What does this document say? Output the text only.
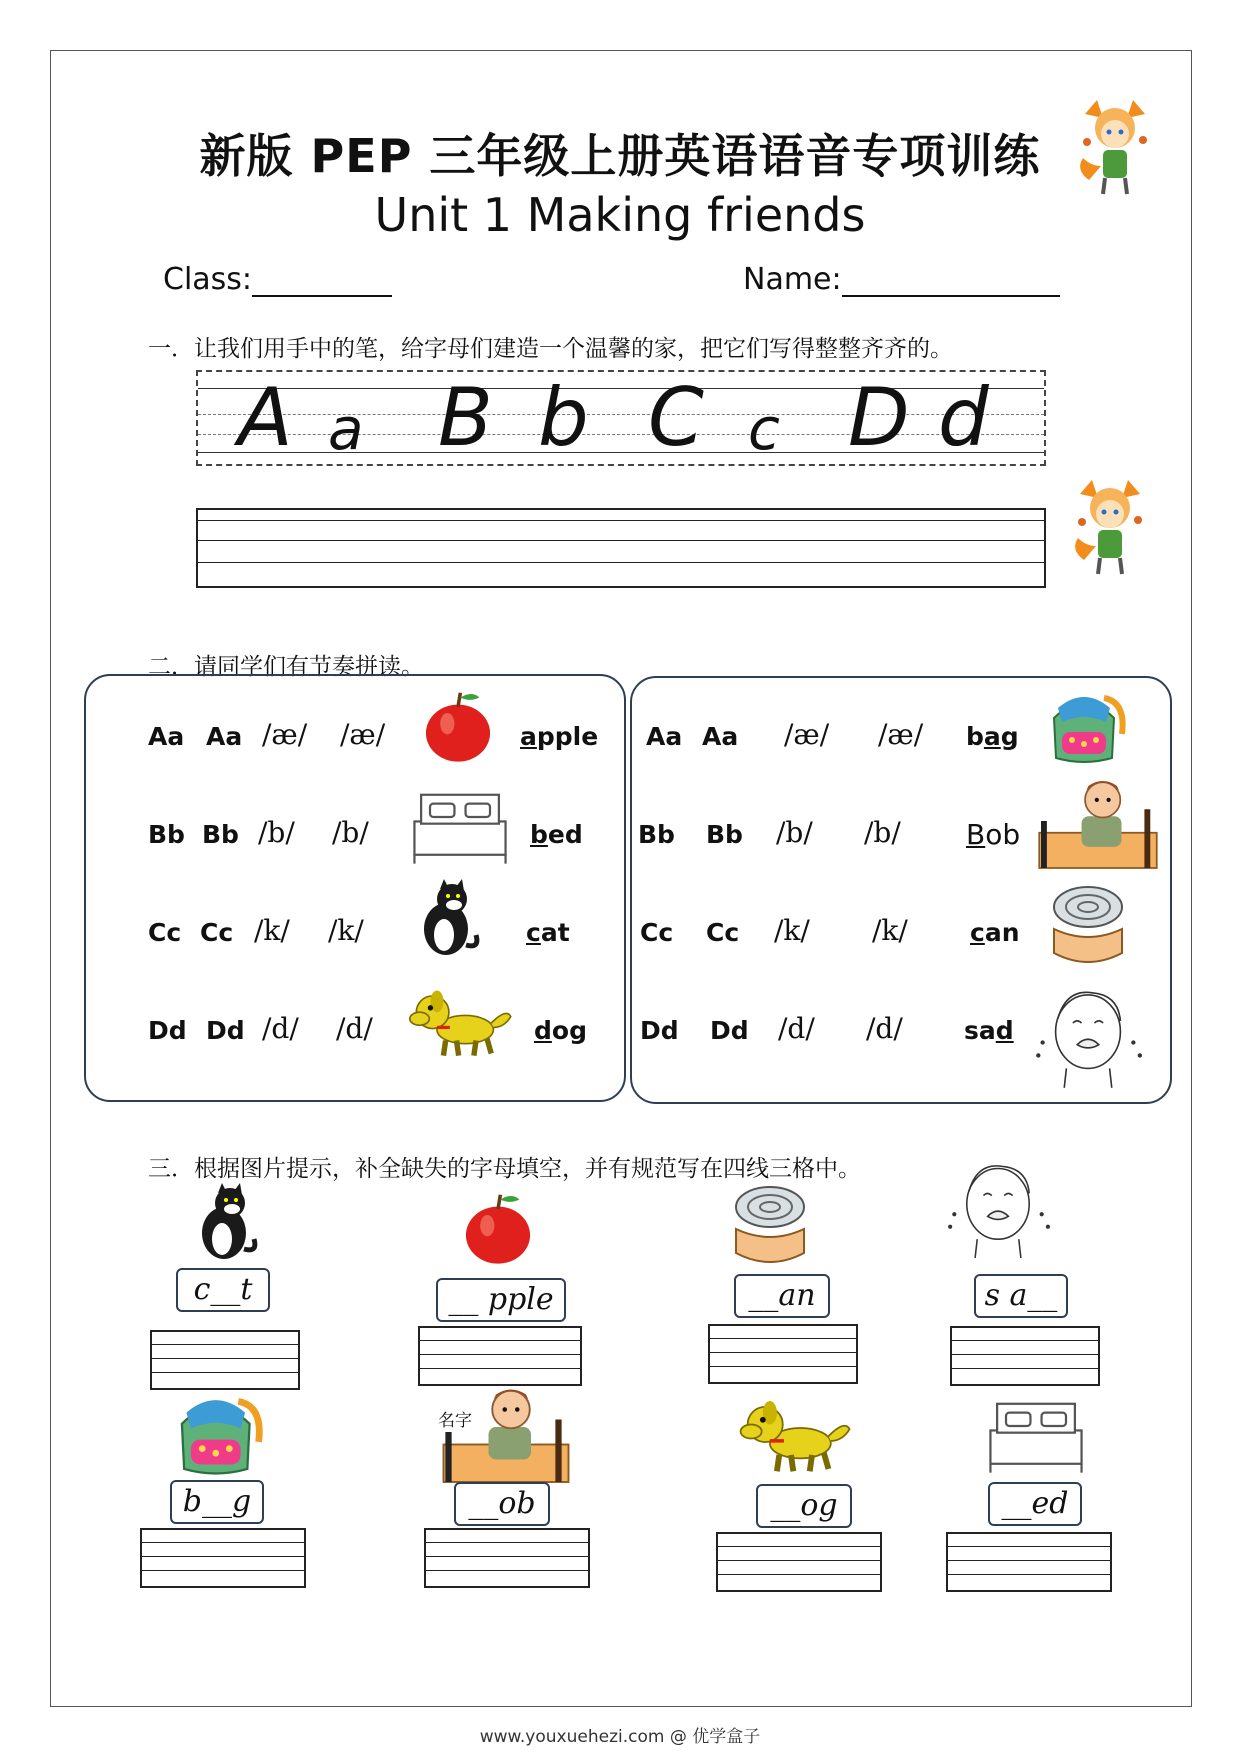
新版 PEP 三年级上册英语语音专项训练
Unit 1 Making friends
Class:	Name:
一．让我们用手中的笔，给字母们建造一个温馨的家，把它们写得整整齐齐的。
A a B b C c D d
二．请同学们有节奏拼读。
Aa Aa /æ/ /æ/	apple
Bb Bb /b/ /b/	bed
Cc Cc /k/ /k/	cat
Dd Dd /d/ /d/	dog
Aa Aa /æ/ /æ/ bag
Bb Bb /b/ /b/ Bob
Cc Cc /k/ /k/ can
Dd Dd /d/ /d/ sad
三．根据图片提示，补全缺失的字母填空，并有规范写在四线三格中。
c__t	__ pple	__an	s a__
名字
b__g	__ob	__og	__ed
www.youxuehezi.com @ 优学盒子
